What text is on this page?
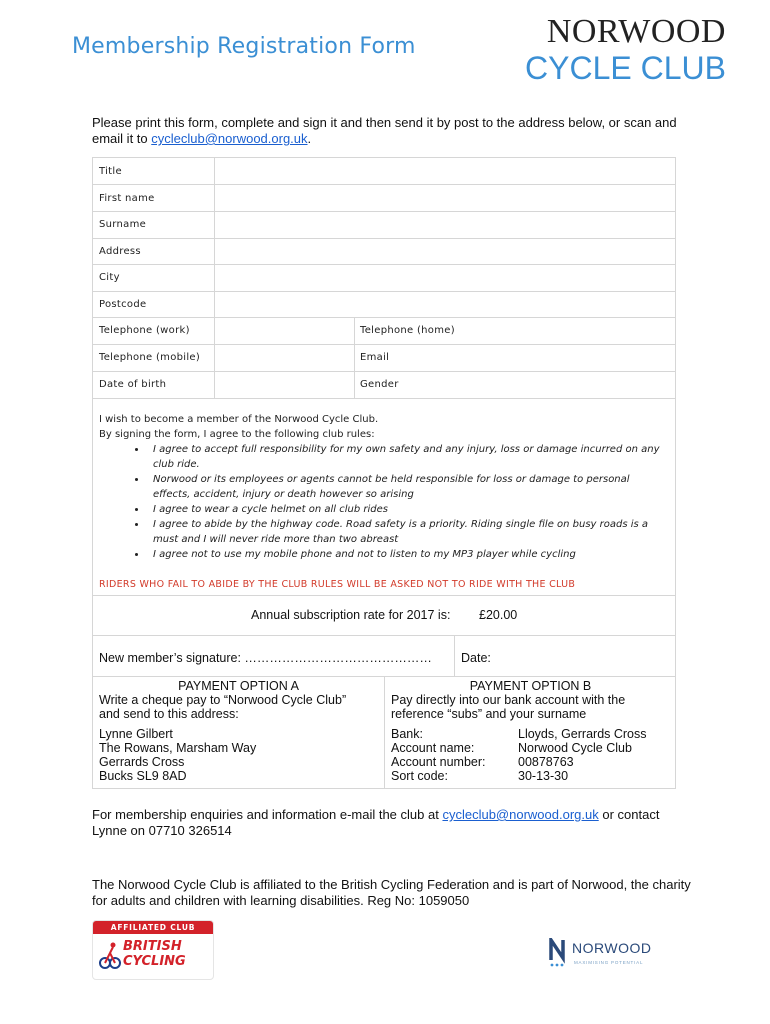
Membership Registration Form	NORWOOD
CYCLE CLUB
Please print this form, complete and sign it and then send it by post to the address below, or scan and email it to cycleclub@norwood.org.uk.
Title
First name
Surname
Address
City
Postcode
Telephone (work)	Telephone (home)
Telephone (mobile)	Email
Date of birth	Gender
I wish to become a member of the Norwood Cycle Club.
By signing the form, I agree to the following club rules:
• I agree to accept full responsibility for my own safety and any injury, loss or damage incurred on any club ride.
• Norwood or its employees or agents cannot be held responsible for loss or damage to personal effects, accident, injury or death however so arising
• I agree to wear a cycle helmet on all club rides
• I agree to abide by the highway code. Road safety is a priority. Riding single file on busy roads is a must and I will never ride more than two abreast
• I agree not to use my mobile phone and not to listen to my MP3 player while cycling
RIDERS WHO FAIL TO ABIDE BY THE CLUB RULES WILL BE ASKED NOT TO RIDE WITH THE CLUB
Annual subscription rate for 2017 is: £20.00
New member’s signature: ……………………………………… Date:
PAYMENT OPTION A
Write a cheque pay to “Norwood Cycle Club”
and send to this address:
Lynne Gilbert
The Rowans, Marsham Way
Gerrards Cross
Bucks SL9 8AD
PAYMENT OPTION B
Pay directly into our bank account with the
reference “subs” and your surname
Bank:	Lloyds, Gerrards Cross
Account name:	Norwood Cycle Club
Account number:	00878763
Sort code:	30-13-30
For membership enquiries and information e-mail the club at cycleclub@norwood.org.uk or contact Lynne on 07710 326514
The Norwood Cycle Club is affiliated to the British Cycling Federation and is part of Norwood, the charity for adults and children with learning disabilities. Reg No: 1059050
AFFILIATED CLUB
BRITISH
CYCLING
NORWOOD
MAXIMISING POTENTIAL
